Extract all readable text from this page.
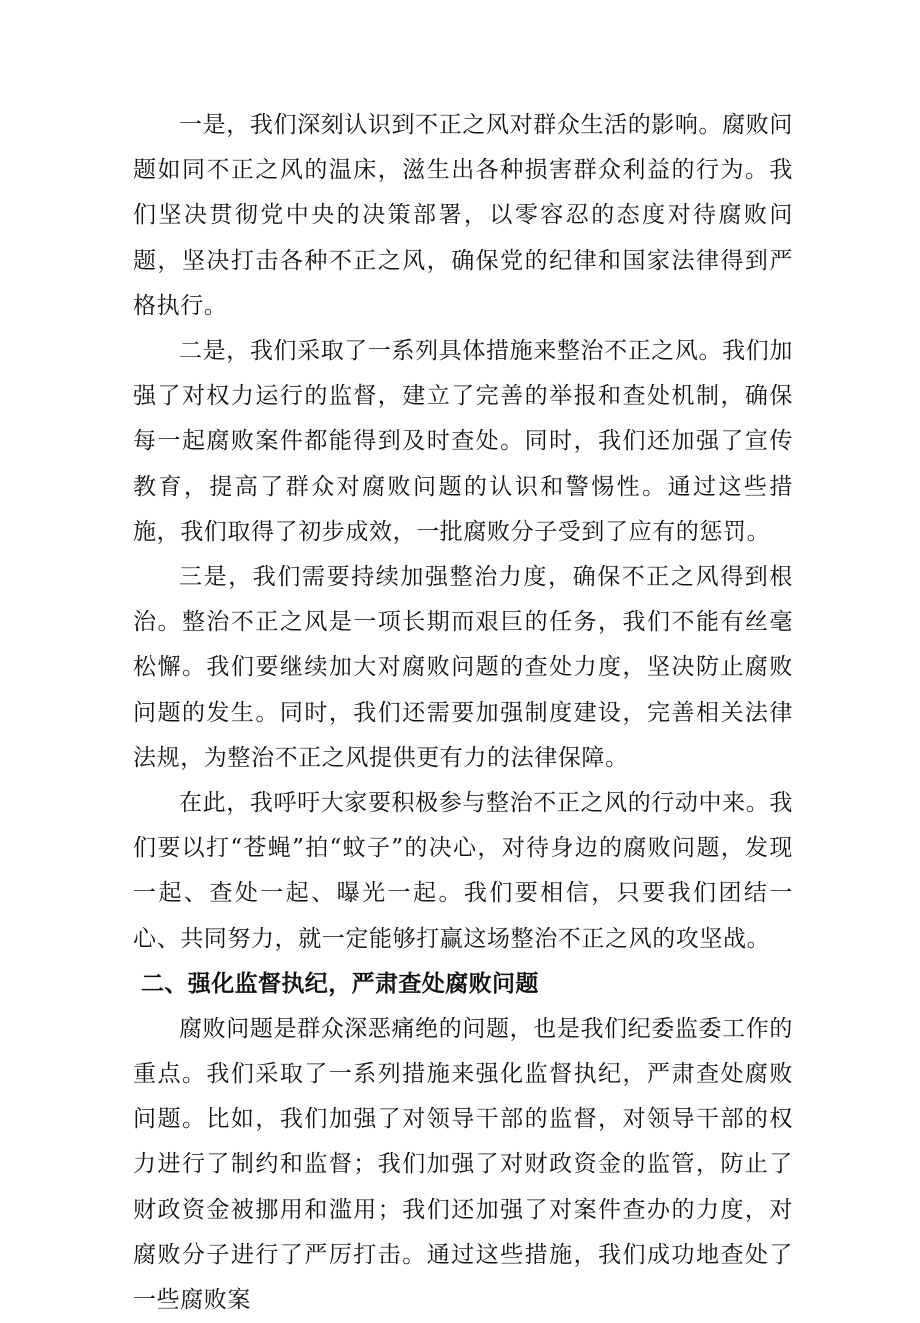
一是，我们深刻认识到不正之风对群众生活的影响。腐败问题如同不正之风的温床，滋生出各种损害群众利益的行为。我们坚决贯彻党中央的决策部署，以零容忍的态度对待腐败问题，坚决打击各种不正之风，确保党的纪律和国家法律得到严格执行。

二是，我们采取了一系列具体措施来整治不正之风。我们加强了对权力运行的监督，建立了完善的举报和查处机制，确保每一起腐败案件都能得到及时查处。同时，我们还加强了宣传教育，提高了群众对腐败问题的认识和警惕性。通过这些措施，我们取得了初步成效，一批腐败分子受到了应有的惩罚。

三是，我们需要持续加强整治力度，确保不正之风得到根治。整治不正之风是一项长期而艰巨的任务，我们不能有丝毫松懈。我们要继续加大对腐败问题的查处力度，坚决防止腐败问题的发生。同时，我们还需要加强制度建设，完善相关法律法规，为整治不正之风提供更有力的法律保障。

在此，我呼吁大家要积极参与整治不正之风的行动中来。我们要以打“苍蝇”拍“蚊子”的决心，对待身边的腐败问题，发现一起、查处一起、曝光一起。我们要相信，只要我们团结一心、共同努力，就一定能够打赢这场整治不正之风的攻坚战。

二、强化监督执纪，严肃查处腐败问题

腐败问题是群众深恶痛绝的问题，也是我们纪委监委工作的重点。我们采取了一系列措施来强化监督执纪，严肃查处腐败问题。比如，我们加强了对领导干部的监督，对领导干部的权力进行了制约和监督；我们加强了对财政资金的监管，防止了财政资金被挪用和滥用；我们还加强了对案件查办的力度，对腐败分子进行了严厉打击。通过这些措施，我们成功地查处了一些腐败案
